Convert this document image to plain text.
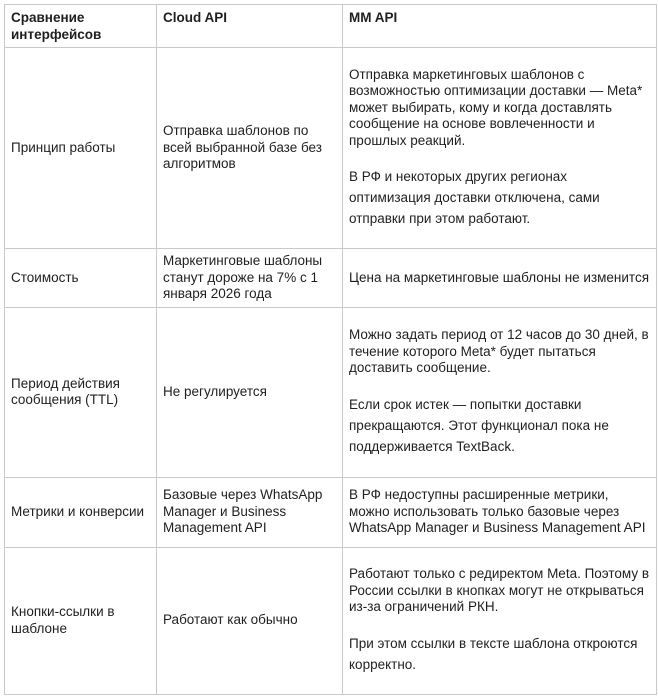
Сравнение интерфейсов	Cloud API	MM API
Принцип работы	Отправка шаблонов по всей выбранной базе без алгоритмов	Отправка маркетинговых шаблонов с возможностью оптимизации доставки — Meta* может выбирать, кому и когда доставлять сообщение на основе вовлеченности и прошлых реакций.
В РФ и некоторых других регионах оптимизация доставки отключена, сами отправки при этом работают.

Стоимость	Маркетинговые шаблоны станут дороже на 7% с 1 января 2026 года	Цена на маркетинговые шаблоны не изменится
Период действия сообщения (TTL)	Не регулируется	Можно задать период от 12 часов до 30 дней, в течение которого Meta* будет пытаться доставить сообщение.
Если срок истек — попытки доставки прекращаются. Этот функционал пока не поддерживается TextBack.

Метрики и конверсии	Базовые через WhatsApp Manager и Business Management API	В РФ недоступны расширенные метрики, можно использовать только базовые через WhatsApp Manager и Business Management API
Кнопки-ссылки в шаблоне	Работают как обычно	Работают только с редиректом Meta. Поэтому в России ссылки в кнопках могут не открываться из-за ограничений РКН.
При этом ссылки в тексте шаблона откроются корректно.
